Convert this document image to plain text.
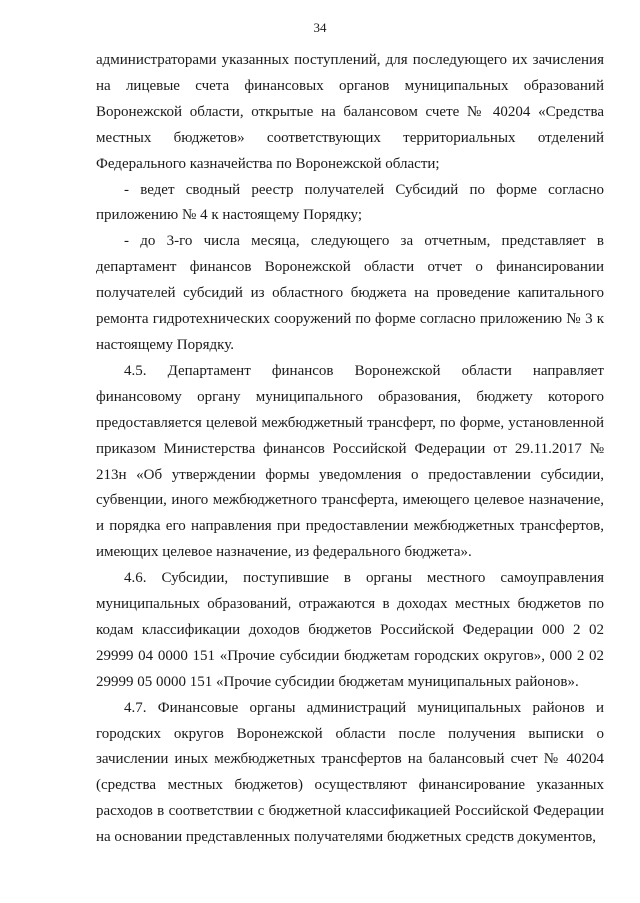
34

администраторами указанных поступлений, для последующего их зачисления на лицевые счета финансовых органов муниципальных образований Воронежской области, открытые на балансовом счете № 40204 «Средства местных бюджетов» соответствующих территориальных отделений Федерального казначейства по Воронежской области;

- ведет сводный реестр получателей Субсидий по форме согласно приложению № 4 к настоящему Порядку;

- до 3-го числа месяца, следующего за отчетным, представляет в департамент финансов Воронежской области отчет о финансировании получателей субсидий из областного бюджета на проведение капитального ремонта гидротехнических сооружений по форме согласно приложению № 3 к настоящему Порядку.

4.5. Департамент финансов Воронежской области направляет финансовому органу муниципального образования, бюджету которого предоставляется целевой межбюджетный трансферт, по форме, установленной приказом Министерства финансов Российской Федерации от 29.11.2017 № 213н «Об утверждении формы уведомления о предоставлении субсидии, субвенции, иного межбюджетного трансферта, имеющего целевое назначение, и порядка его направления при предоставлении межбюджетных трансфертов, имеющих целевое назначение, из федерального бюджета».

4.6. Субсидии, поступившие в органы местного самоуправления муниципальных образований, отражаются в доходах местных бюджетов по кодам классификации доходов бюджетов Российской Федерации 000 2 02 29999 04 0000 151 «Прочие субсидии бюджетам городских округов», 000 2 02 29999 05 0000 151 «Прочие субсидии бюджетам муниципальных районов».

4.7. Финансовые органы администраций муниципальных районов и городских округов Воронежской области после получения выписки о зачислении иных межбюджетных трансфертов на балансовый счет № 40204 (средства местных бюджетов) осуществляют финансирование указанных расходов в соответствии с бюджетной классификацией Российской Федерации на основании представленных получателями бюджетных средств документов,
